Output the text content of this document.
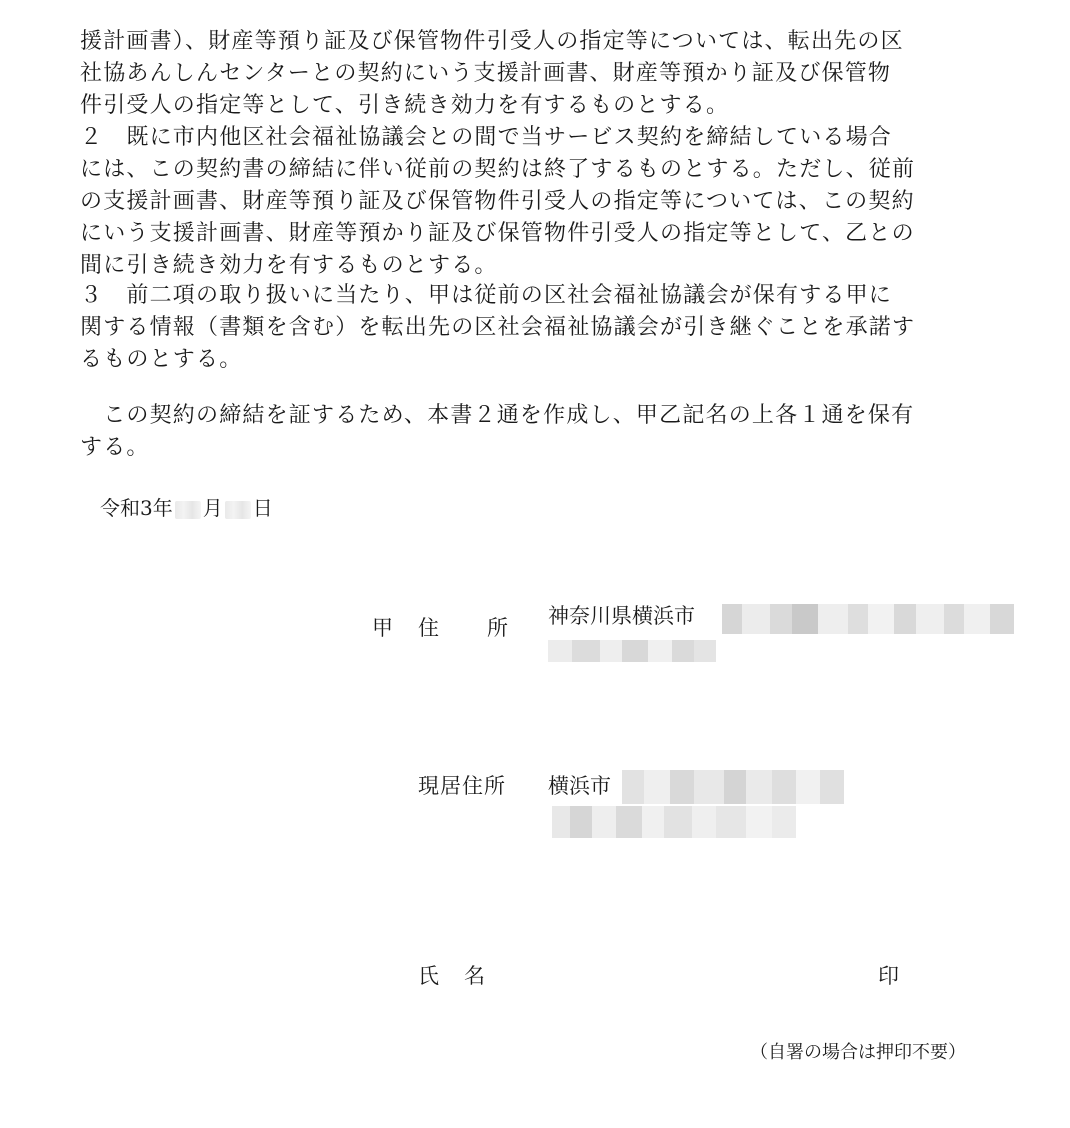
援計画書）、財産等預り証及び保管物件引受人の指定等については、転出先の区
社協あんしんセンターとの契約にいう支援計画書、財産等預かり証及び保管物
件引受人の指定等として、引き続き効力を有するものとする。
２　既に市内他区社会福祉協議会との間で当サービス契約を締結している場合
には、この契約書の締結に伴い従前の契約は終了するものとする。ただし、従前
の支援計画書、財産等預り証及び保管物件引受人の指定等については、この契約
にいう支援計画書、財産等預かり証及び保管物件引受人の指定等として、乙との
間に引き続き効力を有するものとする。
３　前二項の取り扱いに当たり、甲は従前の区社会福祉協議会が保有する甲に
関する情報（書類を含む）を転出先の区社会福祉協議会が引き継ぐことを承諾す
るものとする。
　この契約の締結を証するため、本書２通を作成し、甲乙記名の上各１通を保有
する。
令和3年 月 日
甲 住　　所 神奈川県横浜市
現居住所 横浜市
氏　名	印
（自署の場合は押印不要）
